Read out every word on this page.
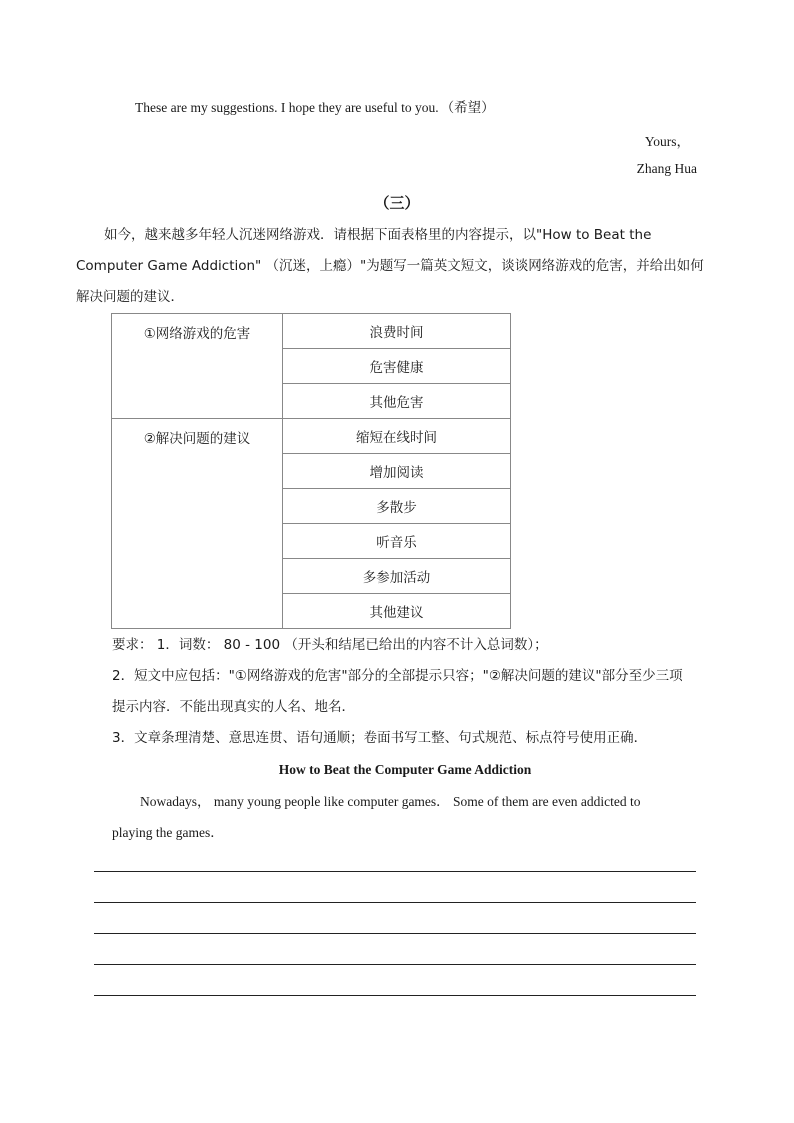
These are my suggestions. I hope they are useful to you. （希望）
Yours，
Zhang Hua
（三）

如今，越来越多年轻人沉迷网络游戏．请根据下面表格里的内容提示，以"How to Beat the

Computer Game Addiction" （沉迷，上瘾）"为题写一篇英文短文，谈谈网络游戏的危害，并给出如何

解决问题的建议．

①网络游戏的危害	浪费时间
	危害健康
	其他危害
②解决问题的建议	缩短在线时间
	增加阅读
	多散步
	听音乐
	多参加活动
	其他建议

要求： 1．词数： 80 - 100 （开头和结尾已给出的内容不计入总词数）；

2．短文中应包括："①网络游戏的危害"部分的全部提示只容；"②解决问题的建议"部分至少三项

提示内容．不能出现真实的人名、地名．

3．文章条理清楚、意思连贯、语句通顺；卷面书写工整、句式规范、标点符号使用正确．

How to Beat the Computer Game Addiction

Nowadays， many young people like computer games． Some of them are even addicted to

playing the games．
